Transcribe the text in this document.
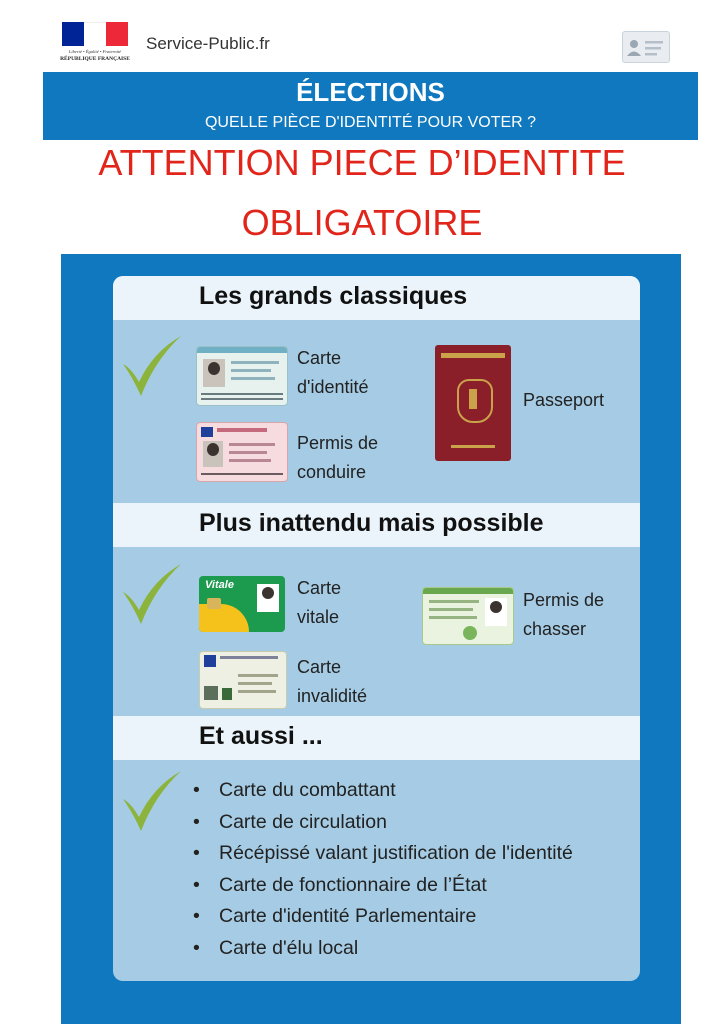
Liberté • Égalité • Fraternité
RÉPUBLIQUE FRANÇAISE
Service-Public.fr
ÉLECTIONS
QUELLE PIÈCE D'IDENTITÉ POUR VOTER ?
ATTENTION PIECE D’IDENTITE
OBLIGATOIRE
Les grands classiques
Carte
d'identité
Permis de
conduire
Passeport
Plus inattendu mais possible
Vitale	Carte
vitale
Carte
invalidité
Permis de
chasser
Et aussi ...
• Carte du combattant
• Carte de circulation
• Récépissé valant justification de l'identité
• Carte de fonctionnaire de l’État
• Carte d'identité Parlementaire
• Carte d'élu local
